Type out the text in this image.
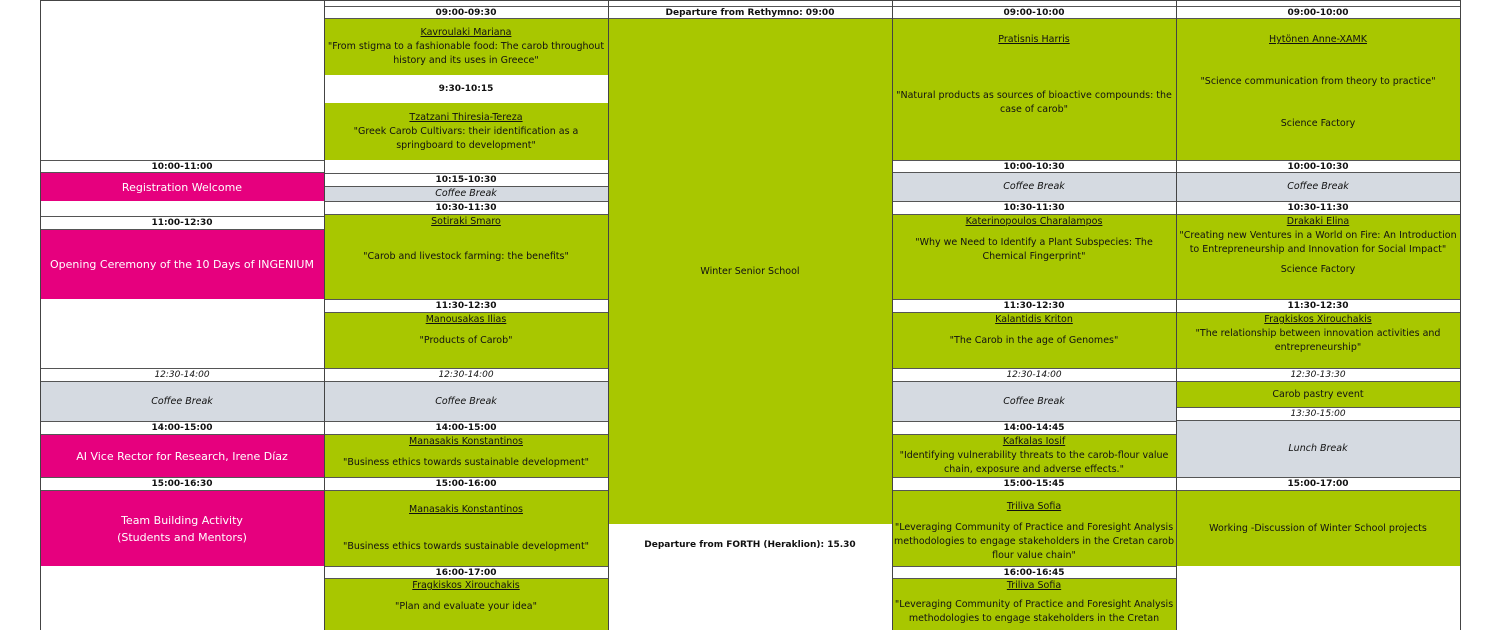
10:00-11:00
Registration Welcome
11:00-12:30
Opening Ceremony of the 10 Days of INGENIUM
12:30-14:00
Coffee Break
14:00-15:00
AI Vice Rector for Research, Irene Díaz
15:00-16:30
Team Building Activity
(Students and Mentors)
09:00-09:30
Kavroulaki Mariana
"From stigma to a fashionable food: The carob throughout history and its uses in Greece"
9:30-10:15
Tzatzani Thiresia-Tereza
"Greek Carob Cultivars: their identification as a springboard to development"
10:15-10:30
Coffee Break
10:30-11:30
Sotiraki Smaro
"Carob and livestock farming: the benefits"
11:30-12:30
Manousakas Ilias
"Products of Carob"
12:30-14:00
Coffee Break
14:00-15:00
Manasakis Konstantinos
"Business ethics towards sustainable development"
15:00-16:00
Manasakis Konstantinos
"Business ethics towards sustainable development"
16:00-17:00
Fragkiskos Xirouchakis
"Plan and evaluate your idea"
Departure from Rethymno: 09:00
Winter Senior School
Departure from FORTH (Heraklion): 15.30
09:00-10:00
Pratisnis Harris
"Natural products as sources of bioactive compounds: the case of carob"
10:00-10:30
Coffee Break
10:30-11:30
Katerinopoulos Charalampos
"Why we Need to Identify a Plant Subspecies: The Chemical Fingerprint"
11:30-12:30
Kalantidis Kriton
"The Carob in the age of Genomes"
12:30-14:00
Coffee Break
14:00-14:45
Kafkalas Iosif
"Identifying vulnerability threats to the carob-flour value chain, exposure and adverse effects."
15:00-15:45
Triliva Sofia
"Leveraging Community of Practice and Foresight Analysis methodologies to engage stakeholders in the Cretan carob flour value chain"
16:00-16:45
Triliva Sofia
"Leveraging Community of Practice and Foresight Analysis methodologies to engage stakeholders in the Cretan
09:00-10:00
Hytönen Anne-XAMK
"Science communication from theory to practice"
Science Factory
10:00-10:30
Coffee Break
10:30-11:30
Drakaki Elina
"Creating new Ventures in a World on Fire: An Introduction to Entrepreneurship and Innovation for Social Impact"
Science Factory
11:30-12:30
Fragkiskos Xirouchakis
"The relationship between innovation activities and entrepreneurship"
12:30-13:30
Carob pastry event
13:30-15:00
Lunch Break
15:00-17:00
Working -Discussion of Winter School projects
